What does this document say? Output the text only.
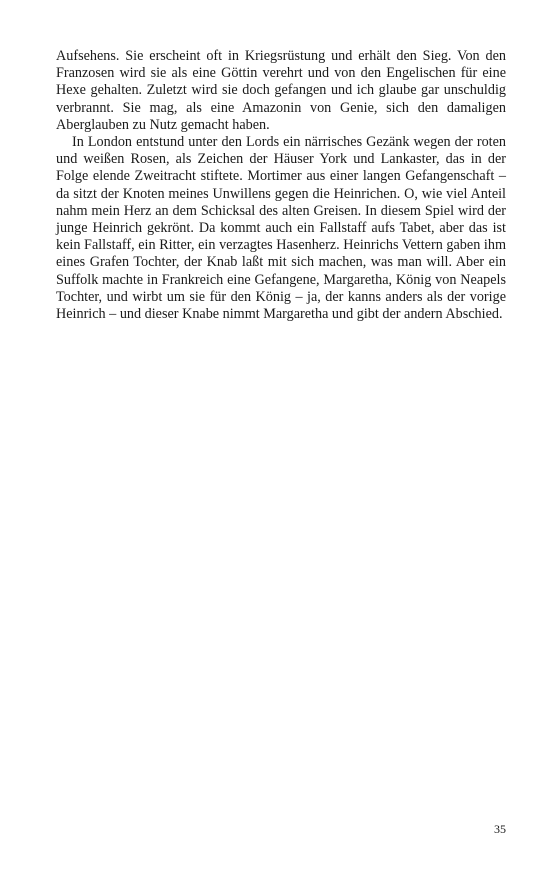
Aufsehens. Sie erscheint oft in Kriegsrüstung und erhält den Sieg. Von den Franzosen wird sie als eine Göttin verehrt und von den Engelischen für eine Hexe gehalten. Zuletzt wird sie doch gefangen und ich glaube gar unschuldig verbrannt. Sie mag, als eine Amazonin von Genie, sich den damaligen Aberglauben zu Nutz gemacht haben.

In London entstund unter den Lords ein närrisches Gezänk wegen der roten und weißen Rosen, als Zeichen der Häuser York und Lankaster, das in der Folge elende Zweitracht stiftete. Mortimer aus einer langen Gefangenschaft – da sitzt der Knoten meines Unwillens gegen die Heinrichen. O, wie viel Anteil nahm mein Herz an dem Schicksal des alten Greisen. In diesem Spiel wird der junge Heinrich gekrönt. Da kommt auch ein Fallstaff aufs Tabet, aber das ist kein Fallstaff, ein Ritter, ein verzagtes Hasenherz. Heinrichs Vettern gaben ihm eines Grafen Tochter, der Knab laßt mit sich machen, was man will. Aber ein Suffolk machte in Frankreich eine Gefangene, Margaretha, König von Neapels Tochter, und wirbt um sie für den König – ja, der kanns anders als der vorige Heinrich – und dieser Knabe nimmt Margaretha und gibt der andern Abschied.

35
